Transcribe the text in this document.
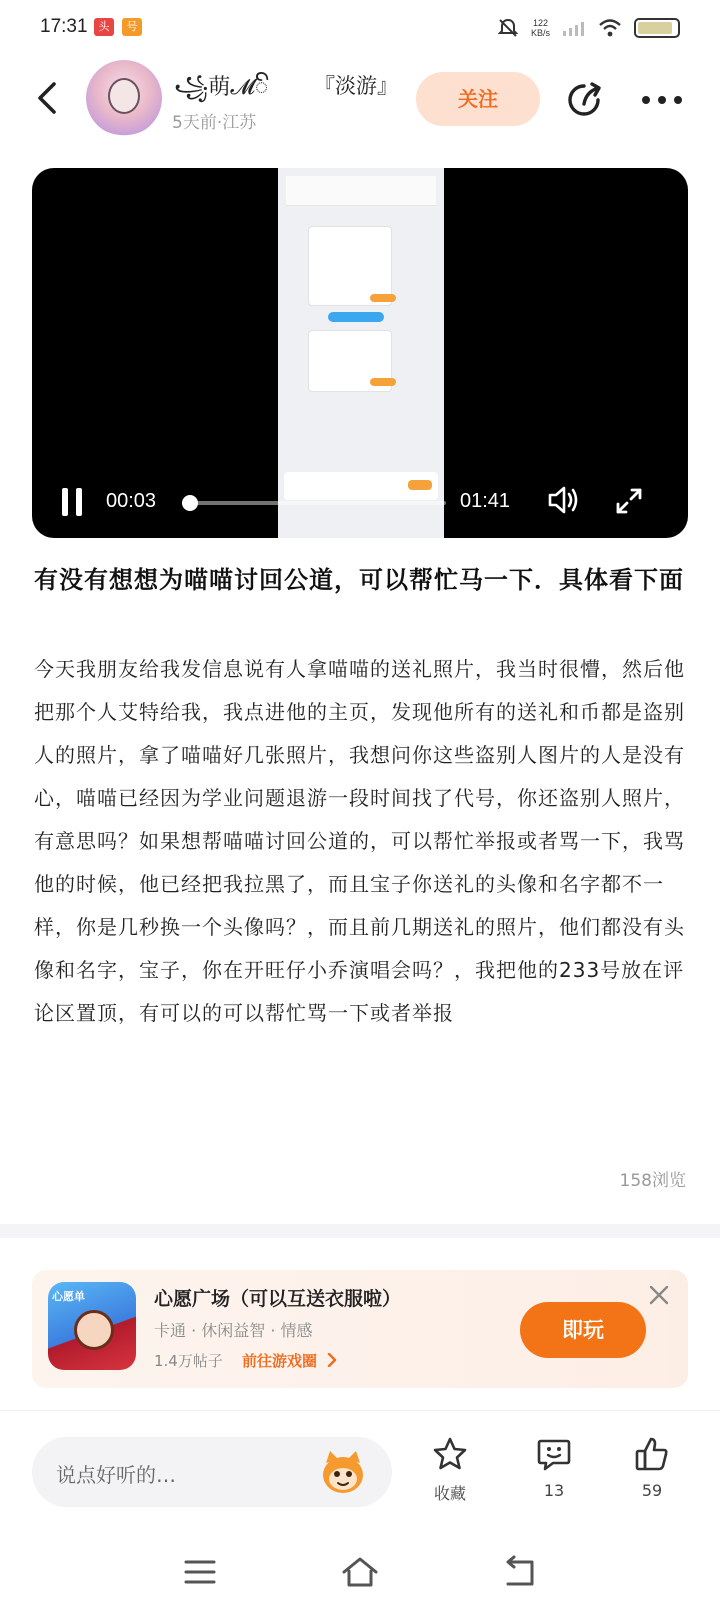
17:31 头部
号	122
KB/s
꧁萌𝓜ꦼ
5天前·江苏
『淡游』
关注
00:03	01:41
有没有想想为喵喵讨回公道，可以帮忙马一下．具体看下面
今天我朋友给我发信息说有人拿喵喵的送礼照片，我当时很懵，然后他把那个人艾特给我，我点进他的主页，发现他所有的送礼和币都是盗别人的照片，拿了喵喵好几张照片，我想问你这些盗别人图片的人是没有心，喵喵已经因为学业问题退游一段时间找了代号，你还盗别人照片，有意思吗？如果想帮喵喵讨回公道的，可以帮忙举报或者骂一下，我骂他的时候，他已经把我拉黑了，而且宝子你送礼的头像和名字都不一样，你是几秒换一个头像吗？，而且前几期送礼的照片，他们都没有头像和名字，宝子，你在开旺仔小乔演唱会吗？，我把他的233号放在评论区置顶，有可以的可以帮忙骂一下或者举报
158浏览
心愿单	心愿广场（可以互送衣服啦）
卡通 · 休闲益智 · 情感
1.4万帖子 前往游戏圈
即玩
说点好听的…
收藏	13	59
